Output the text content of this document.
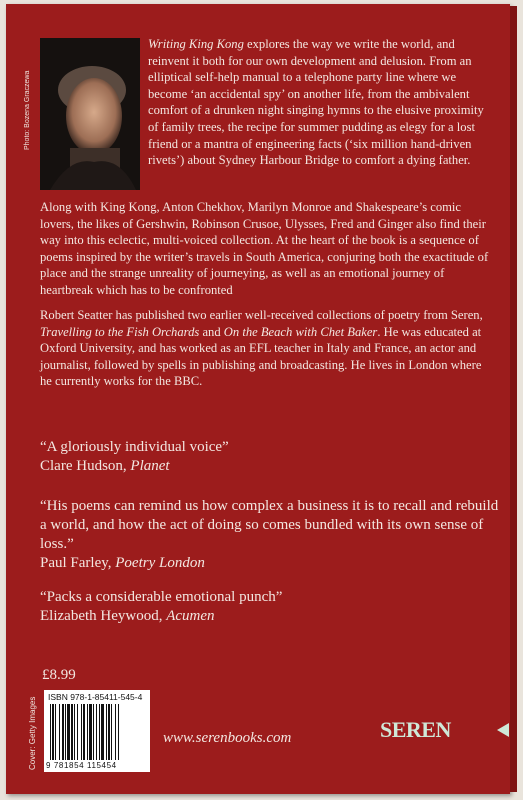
Photo: Bozena Graczewa
Writing King Kong explores the way we write the world, and reinvent it both for our own development and delusion. From an elliptical self-help manual to a telephone party line where we become ‘an accidental spy’ on another life, from the ambivalent comfort of a drunken night singing hymns to the elusive proximity of family trees, the recipe for summer pudding as elegy for a lost friend or a mantra of engineering facts (‘six million hand-driven rivets’) about Sydney Harbour Bridge to comfort a dying father.
Along with King Kong, Anton Chekhov, Marilyn Monroe and Shakespeare’s comic lovers, the likes of Gershwin, Robinson Crusoe, Ulysses, Fred and Ginger also find their way into this eclectic, multi-voiced collection. At the heart of the book is a sequence of poems inspired by the writer’s travels in South America, conjuring both the exactitude of place and the strange unreality of journeying, as well as an emotional journey of heartbreak which has to be confronted
Robert Seatter has published two earlier well-received collections of poetry from Seren, Travelling to the Fish Orchards and On the Beach with Chet Baker. He was educated at Oxford University, and has worked as an EFL teacher in Italy and France, an actor and journalist, followed by spells in publishing and broadcasting. He lives in London where he currently works for the BBC.
“A gloriously individual voice”
Clare Hudson, Planet
“His poems can remind us how complex a business it is to recall and rebuild a world, and how the act of doing so comes bundled with its own sense of loss.”
Paul Farley, Poetry London
“Packs a considerable emotional punch”
Elizabeth Heywood, Acumen
£8.99
ISBN 978-1-85411-545-4
9 781854 115454
Cover: Getty Images	www.serenbooks.com	SEREN
